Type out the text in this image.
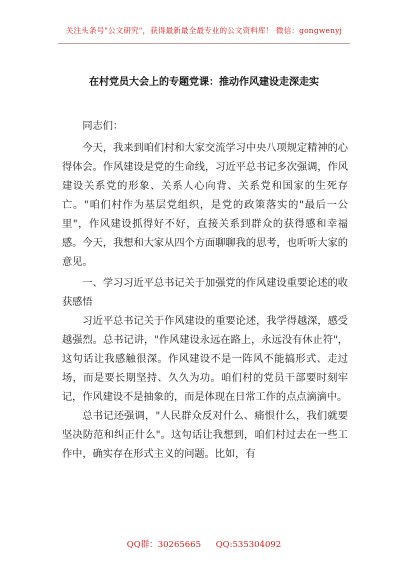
关注头条号"公文研究"，获得最新最全最专业的公文资料库！ 微信：gongwenyj
在村党员大会上的专题党课：推动作风建设走深走实

同志们：

今天，我来到咱们村和大家交流学习中央八项规定精神的心得体会。作风建设是党的生命线，习近平总书记多次强调，作风建设关系党的形象、关系人心向背、关系党和国家的生死存亡。"咱们村作为基层党组织，是党的政策落实的"最后一公里"，作风建设抓得好不好，直接关系到群众的获得感和幸福感。今天，我想和大家从四个方面聊聊我的思考，也听听大家的意见。

一、学习习近平总书记关于加强党的作风建设重要论述的收获感悟

习近平总书记关于作风建设的重要论述，我学得越深，感受越强烈。总书记讲，"作风建设永远在路上，永远没有休止符"，这句话让我感触很深。作风建设不是一阵风不能搞形式、走过场，而是要长期坚持、久久为功。咱们村的党员干部要时刻牢记，作风建设不是抽象的，而是体现在日常工作的点点滴滴中。

总书记还强调，"人民群众反对什么、痛恨什么，我们就要坚决防范和纠正什么"。这句话让我想到，咱们村过去在一些工作中，确实存在形式主义的问题。比如，有

QQ群：30265665 QQ:535304092
